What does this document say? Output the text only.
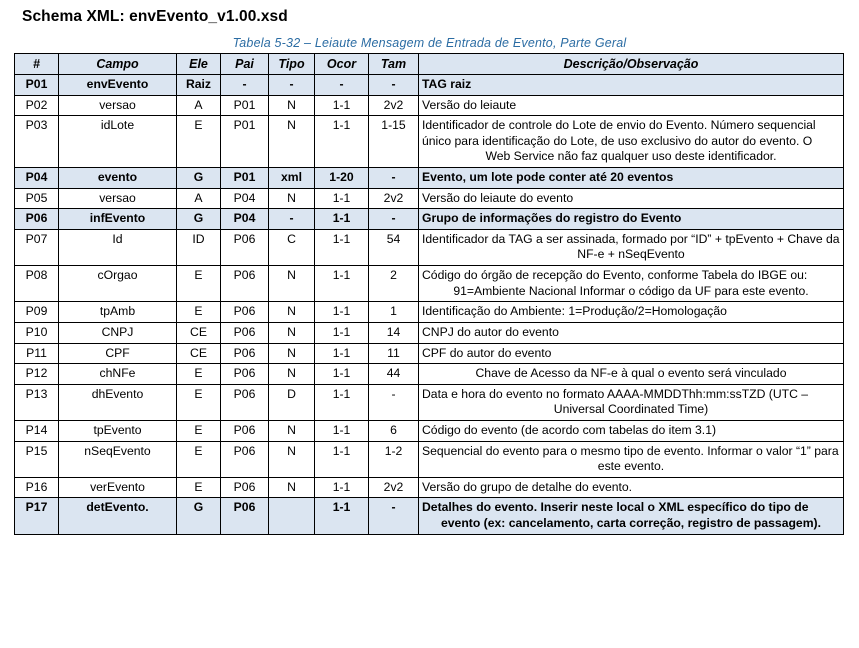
Schema XML: envEvento_v1.00.xsd
Tabela 5-32 – Leiaute Mensagem de Entrada de Evento, Parte Geral
#	Campo	Ele	Pai	Tipo	Ocor	Tam	Descrição/Observação
P01	envEvento	Raiz	-	-	-	-	TAG raiz
P02	versao	A	P01	N	1-1	2v2	Versão do leiaute
P03	idLote	E	P01	N	1-1	1-15	Identificador de controle do Lote de envio do Evento. Número sequencial único para identificação do Lote, de uso exclusivo do autor do evento. O Web Service não faz qualquer uso deste identificador.
P04	evento	G	P01	xml	1-20	-	Evento, um lote pode conter até 20 eventos
P05	versao	A	P04	N	1-1	2v2	Versão do leiaute do evento
P06	infEvento	G	P04	-	1-1	-	Grupo de informações do registro do Evento
P07	Id	ID	P06	C	1-1	54	Identificador da TAG a ser assinada, formado por “ID” + tpEvento + Chave da NF-e + nSeqEvento
P08	cOrgao	E	P06	N	1-1	2	Código do órgão de recepção do Evento, conforme Tabela do IBGE ou: 91=Ambiente Nacional Informar o código da UF para este evento.
P09	tpAmb	E	P06	N	1-1	1	Identificação do Ambiente: 1=Produção/2=Homologação
P10	CNPJ	CE	P06	N	1-1	14	CNPJ do autor do evento
P11	CPF	CE	P06	N	1-1	11	CPF do autor do evento
P12	chNFe	E	P06	N	1-1	44	Chave de Acesso da NF-e à qual o evento será vinculado
P13	dhEvento	E	P06	D	1-1	-	Data e hora do evento no formato AAAA-MMDDThh:mm:ssTZD (UTC – Universal Coordinated Time)
P14	tpEvento	E	P06	N	1-1	6	Código do evento (de acordo com tabelas do item 3.1)
P15	nSeqEvento	E	P06	N	1-1	1-2	Sequencial do evento para o mesmo tipo de evento. Informar o valor “1” para este evento.
P16	verEvento	E	P06	N	1-1	2v2	Versão do grupo de detalhe do evento.
P17	detEvento.	G	P06		1-1	-	Detalhes do evento. Inserir neste local o XML específico do tipo de evento (ex: cancelamento, carta correção, registro de passagem).
